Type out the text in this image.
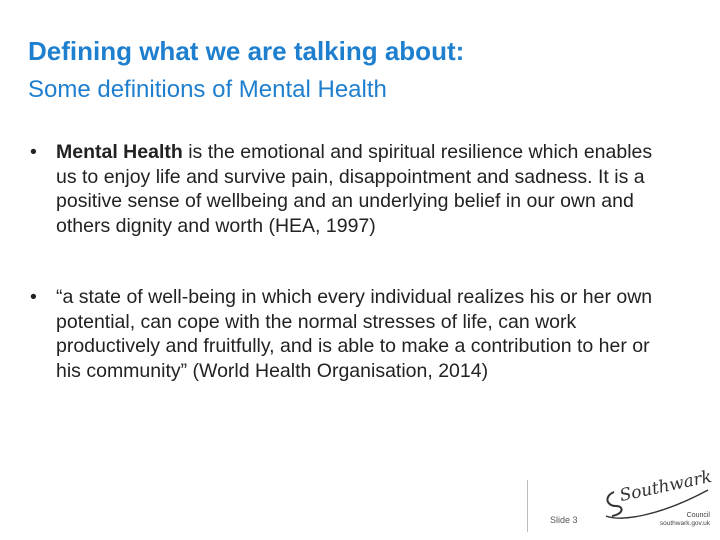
Defining what we are talking about:
Some definitions of Mental Health
• Mental Health is the emotional and spiritual resilience which enables us to enjoy life and survive pain, disappointment and sadness. It is a positive sense of wellbeing and an underlying belief in our own and others dignity and worth (HEA, 1997)
• “a state of well-being in which every individual realizes his or her own potential, can cope with the normal stresses of life, can work productively and fruitfully, and is able to make a contribution to her or his community” (World Health Organisation, 2014)
Slide 3
Southwark
Council
southwark.gov.uk
